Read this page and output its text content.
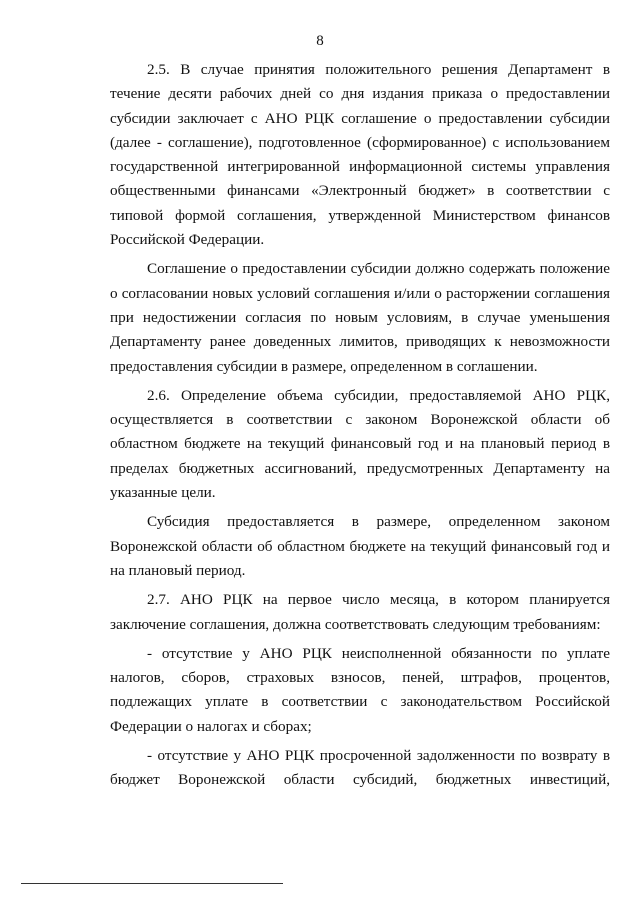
8

2.5. В случае принятия положительного решения Департамент в течение десяти рабочих дней со дня издания приказа о предоставлении субсидии заключает с АНО РЦК соглашение о предоставлении субсидии (далее - соглашение), подготовленное (сформированное) с использованием государственной интегрированной информационной системы управления общественными финансами «Электронный бюджет» в соответствии с типовой формой соглашения, утвержденной Министерством финансов Российской Федерации.

Соглашение о предоставлении субсидии должно содержать положение о согласовании новых условий соглашения и/или о расторжении соглашения при недостижении согласия по новым условиям, в случае уменьшения Департаменту ранее доведенных лимитов, приводящих к невозможности предоставления субсидии в размере, определенном в соглашении.

2.6. Определение объема субсидии, предоставляемой АНО РЦК, осуществляется в соответствии с законом Воронежской области об областном бюджете на текущий финансовый год и на плановый период в пределах бюджетных ассигнований, предусмотренных Департаменту на указанные цели.

Субсидия предоставляется в размере, определенном законом Воронежской области об областном бюджете на текущий финансовый год и на плановый период.

2.7. АНО РЦК на первое число месяца, в котором планируется заключение соглашения, должна соответствовать следующим требованиям:

- отсутствие у АНО РЦК неисполненной обязанности по уплате налогов, сборов, страховых взносов, пеней, штрафов, процентов, подлежащих уплате в соответствии с законодательством Российской Федерации о налогах и сборах;

- отсутствие у АНО РЦК просроченной задолженности по возврату в бюджет Воронежской области субсидий, бюджетных инвестиций,
